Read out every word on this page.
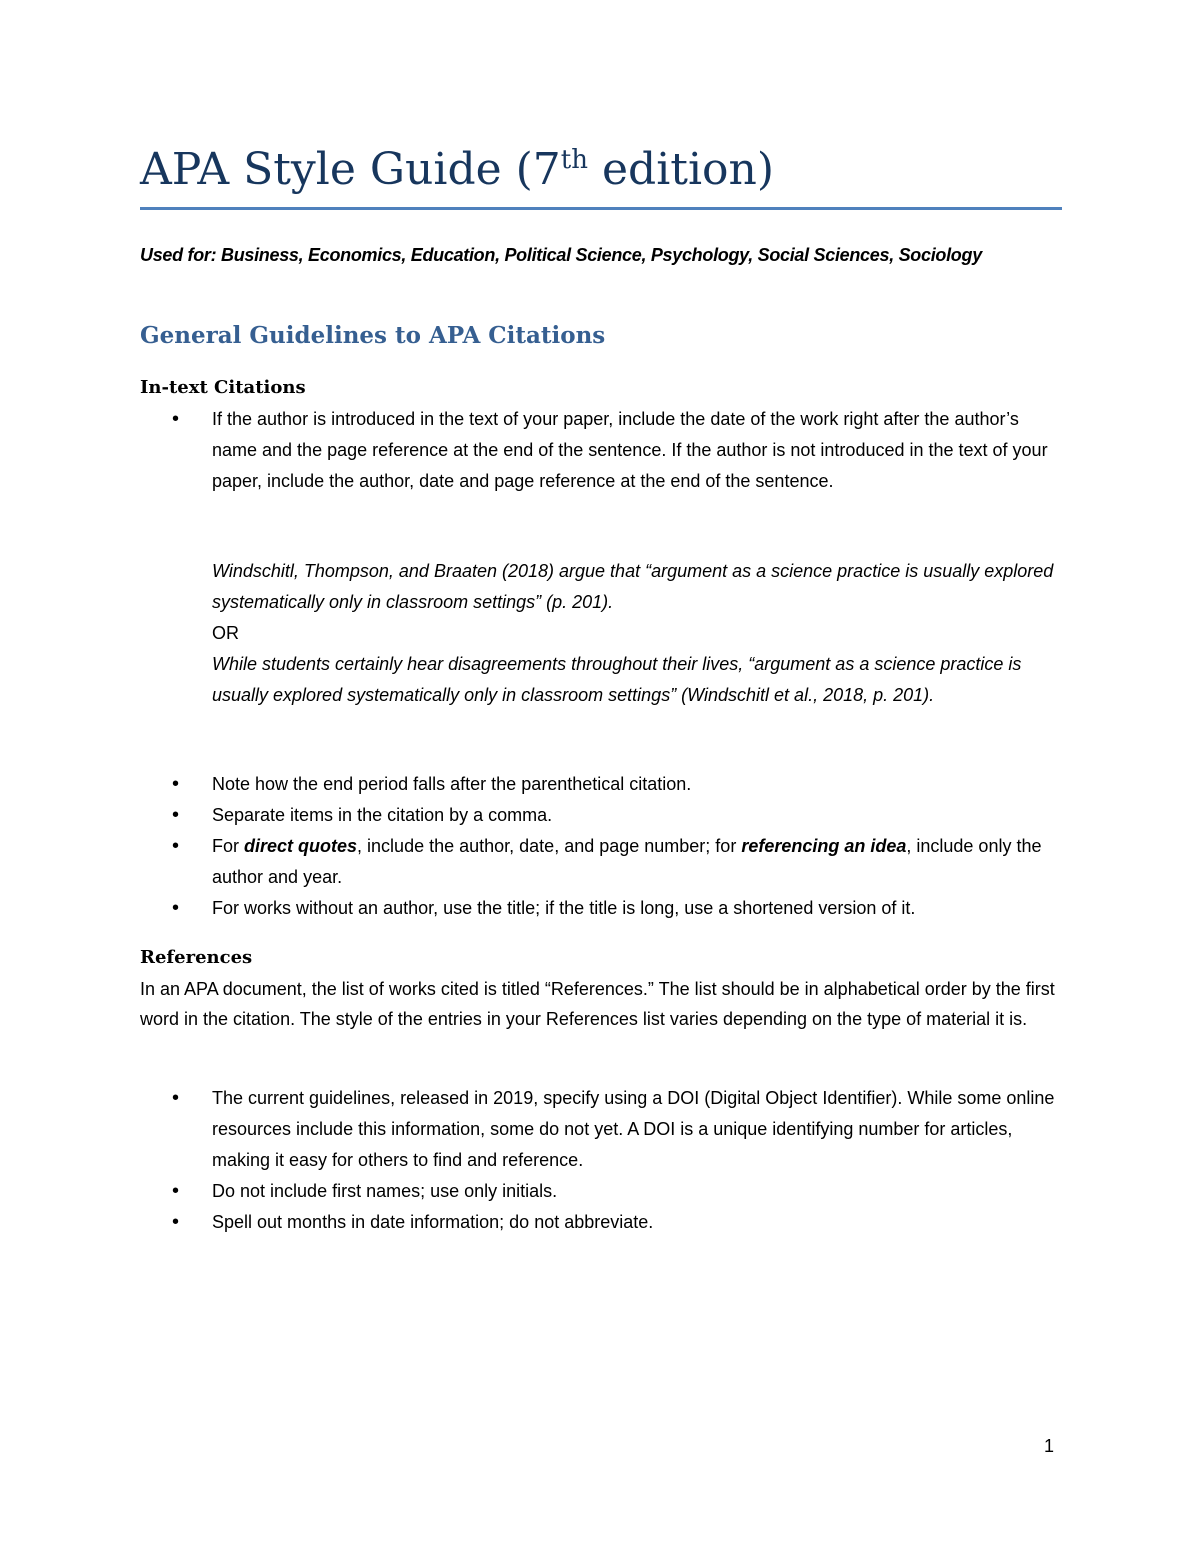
APA Style Guide (7th edition)

Used for: Business, Economics, Education, Political Science, Psychology, Social Sciences, Sociology

General Guidelines to APA Citations
In-text Citations
• If the author is introduced in the text of your paper, include the date of the work right after the author’s name and the page reference at the end of the sentence. If the author is not introduced in the text of your paper, include the author, date and page reference at the end of the sentence.
Windschitl, Thompson, and Braaten (2018) argue that “argument as a science practice is usually explored systematically only in classroom settings” (p. 201).
OR
While students certainly hear disagreements throughout their lives, “argument as a science practice is usually explored systematically only in classroom settings” (Windschitl et al., 2018, p. 201).
• Note how the end period falls after the parenthetical citation.
• Separate items in the citation by a comma.
• For direct quotes, include the author, date, and page number; for referencing an idea, include only the author and year.
• For works without an author, use the title; if the title is long, use a shortened version of it.
References

In an APA document, the list of works cited is titled “References.” The list should be in alphabetical order by the first word in the citation. The style of the entries in your References list varies depending on the type of material it is.

• The current guidelines, released in 2019, specify using a DOI (Digital Object Identifier). While some online resources include this information, some do not yet. A DOI is a unique identifying number for articles, making it easy for others to find and reference.
• Do not include first names; use only initials.
• Spell out months in date information; do not abbreviate.
1
